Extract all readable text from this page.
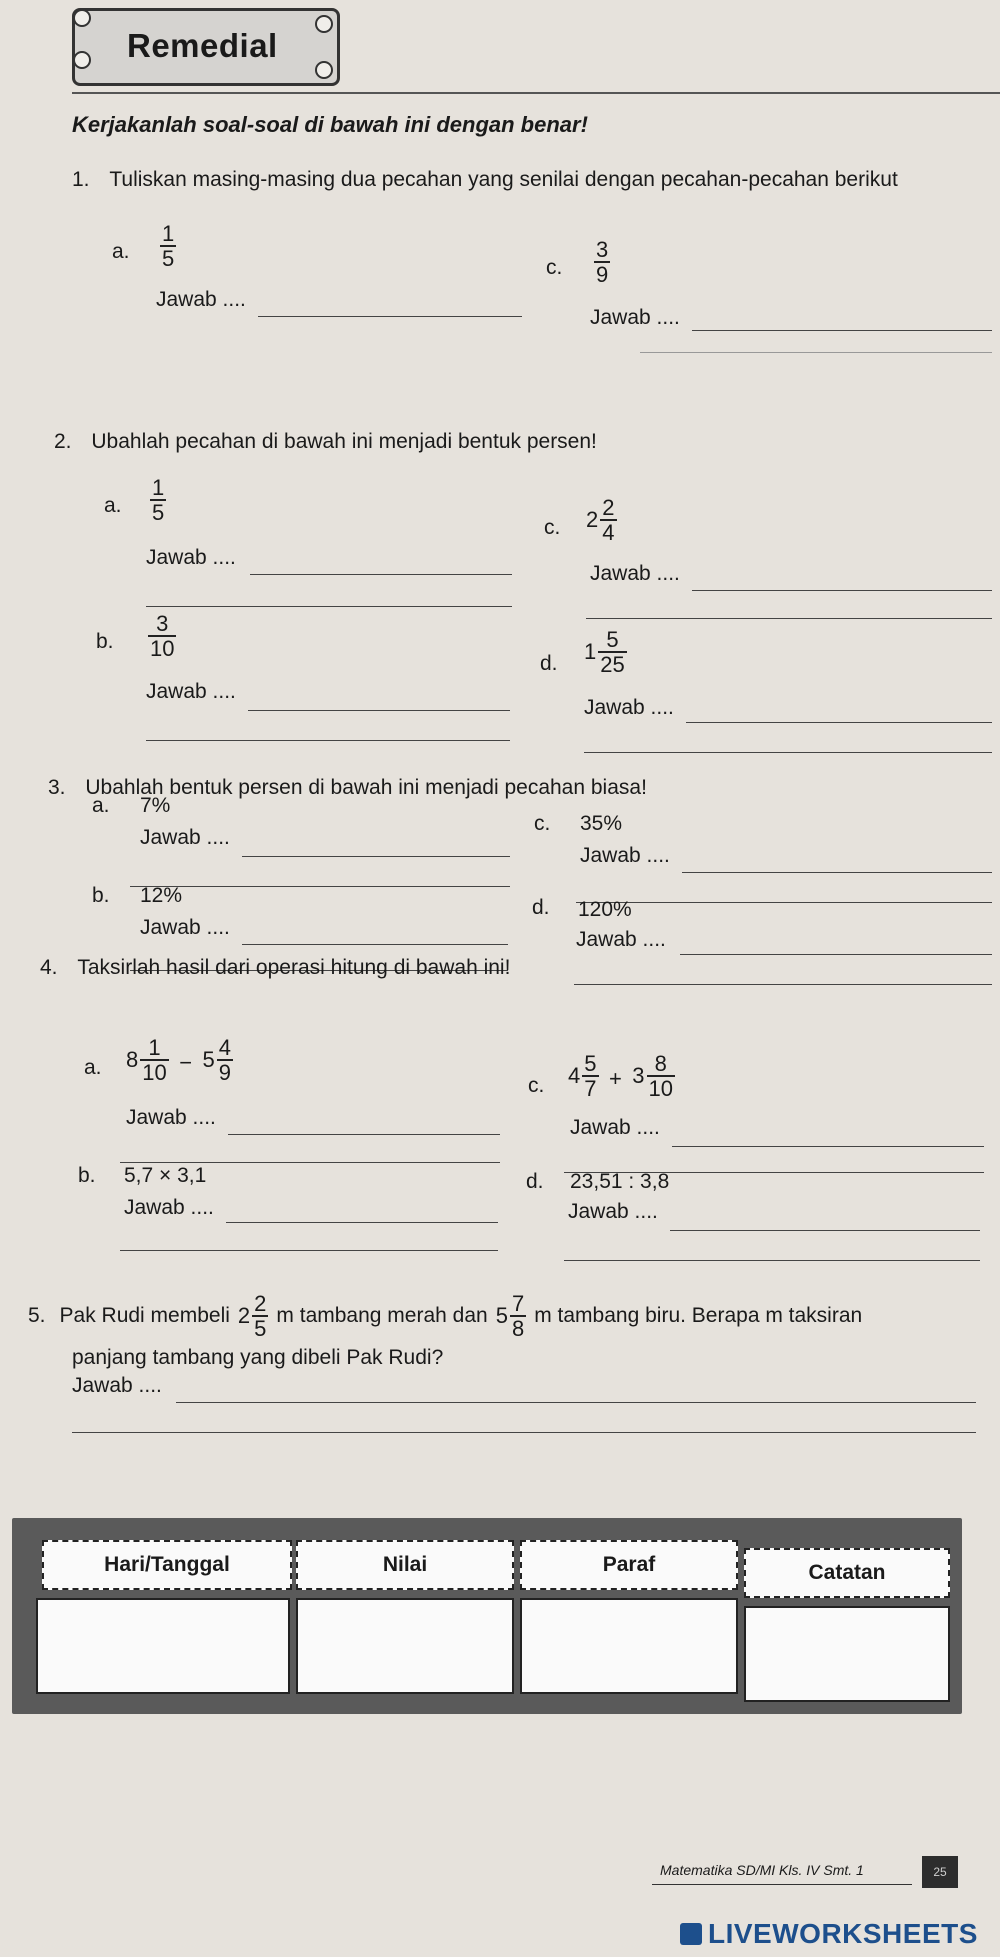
Remedial
Kerjakanlah soal-soal di bawah ini dengan benar!
1. Tuliskan masing-masing dua pecahan yang senilai dengan pecahan-pecahan berikut
a. $\frac{1}{5}$
Jawab ....
c. $\frac{3}{9}$
Jawab ....
2. Ubahlah pecahan di bawah ini menjadi bentuk persen!
a. $\frac{1}{5}$
Jawab ....
c. $2 \frac{2}{4}$
Jawab ....
b. $\frac{3}{10}$
Jawab ....
d. $1 \frac{5}{25}$
Jawab ....
3. Ubahlah bentuk persen di bawah ini menjadi pecahan biasa!
a. 7%
Jawab ....
c. 35%
Jawab ....
b. 12%
Jawab ....
d. 120%
Jawab ....
4. Taksirlah hasil dari operasi hitung di bawah ini!
a. $8 \frac{1}{10} - 5 \frac{4}{9}$
Jawab ....
c. $4 \frac{5}{7} + 3 \frac{8}{10}$
Jawab ....
b. 5,7 × 3,1
Jawab ....
d. 23,51 : 3,8
Jawab ....
5. Pak Rudi membeli $2 \frac{2}{5}$ m tambang merah dan $5 \frac{7}{8}$ m tambang biru. Berapa m taksiran
panjang tambang yang dibeli Pak Rudi?
Jawab ....
Hari/Tanggal	Nilai	Paraf	Catatan
Matematika SD/MI Kls. IV Smt. 1	25
LIVEWORKSHEETS
